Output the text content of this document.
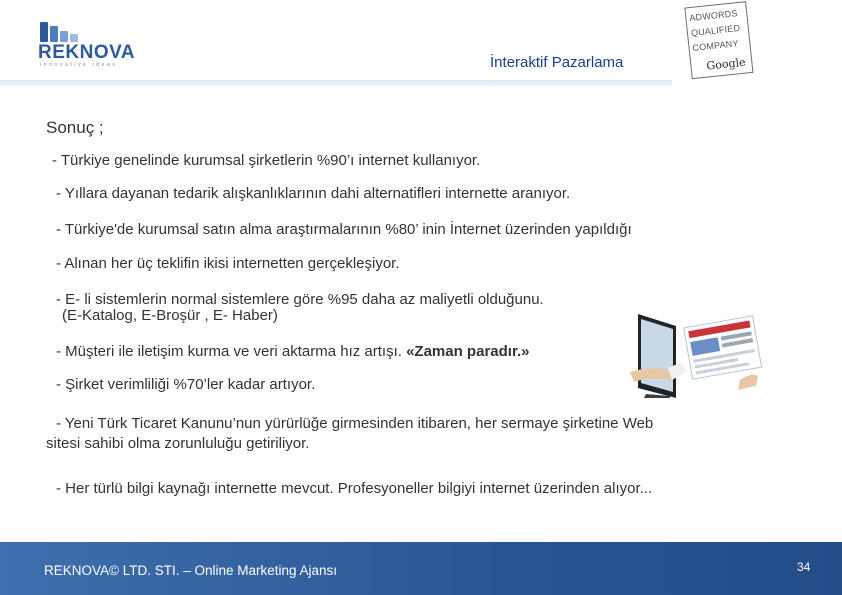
REKNOVA
innovative ideas	İnteraktif Pazarlama
ADWORDS
QUALIFIED
COMPANY
Google
Sonuç ;
- Türkiye genelinde kurumsal şirketlerin %90’ı internet kullanıyor.
- Yıllara dayanan tedarik alışkanlıklarının dahi alternatifleri internette aranıyor.
- Türkiye'de kurumsal satın alma araştırmalarının %80’ inin İnternet üzerinden yapıldığı
- Alınan her üç teklifin ikisi internetten gerçekleşiyor.
- E- li sistemlerin normal sistemlere göre %95 daha az maliyetli olduğunu.
(E-Katalog, E-Broşür , E- Haber)
- Müşteri ile iletişim kurma ve veri aktarma hız artışı. «Zaman paradır.»
- Şirket verimliliği %70’ler kadar artıyor.
- Yeni Türk Ticaret Kanunu’nun yürürlüğe girmesinden itibaren, her sermaye şirketine Web
sitesi sahibi olma zorunluluğu getiriliyor.
- Her türlü bilgi kaynağı internette mevcut. Profesyoneller bilgiyi internet üzerinden alıyor...
REKNOVA© LTD. STI. – Online Marketing Ajansı	34
